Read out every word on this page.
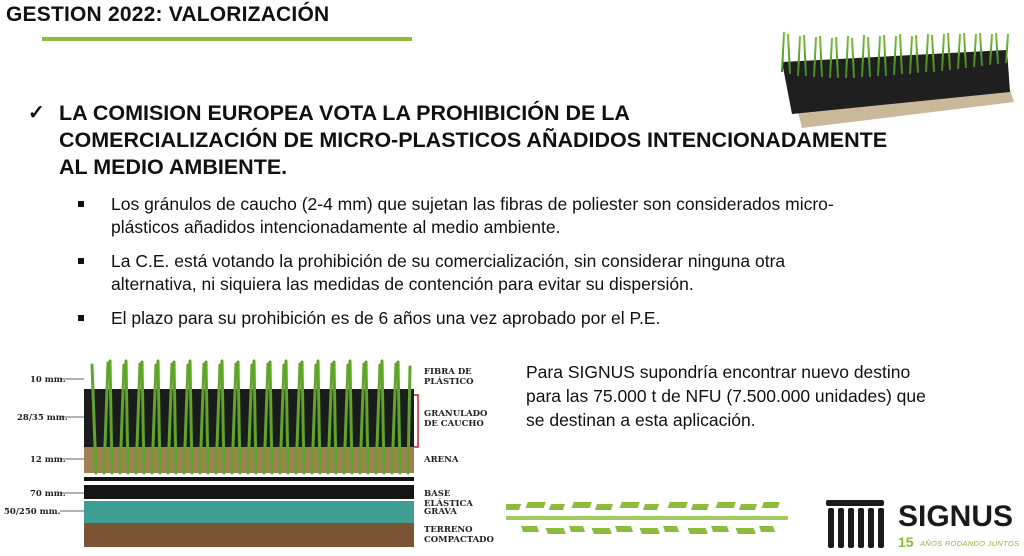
GESTION 2022: VALORIZACIÓN
✓ LA COMISION EUROPEA VOTA LA PROHIBICIÓN DE LA
COMERCIALIZACIÓN DE MICRO-PLASTICOS AÑADIDOS INTENCIONADAMENTE
AL MEDIO AMBIENTE.
Los gránulos de caucho (2-4 mm) que sujetan las fibras de poliester son considerados micro-
plásticos añadidos intencionadamente al medio ambiente.
La C.E. está votando la prohibición de su comercialización, sin considerar ninguna otra
alternativa, ni siquiera las medidas de contención para evitar su dispersión.
El plazo para su prohibición es de 6 años una vez aprobado por el P.E.
10 mm.
28/35 mm.
12 mm.
70 mm.
50/250 mm.
FIBRA DE
PLÁSTICO
GRANULADO
DE CAUCHO
ARENA
BASE ELÁSTICA
GRAVA
TERRENO
COMPACTADO
Para SIGNUS supondría encontrar nuevo destino
para las 75.000 t de NFU (7.500.000 unidades) que
se destinan a esta aplicación.
SIGNUS
15 AÑOS RODANDO JUNTOS
